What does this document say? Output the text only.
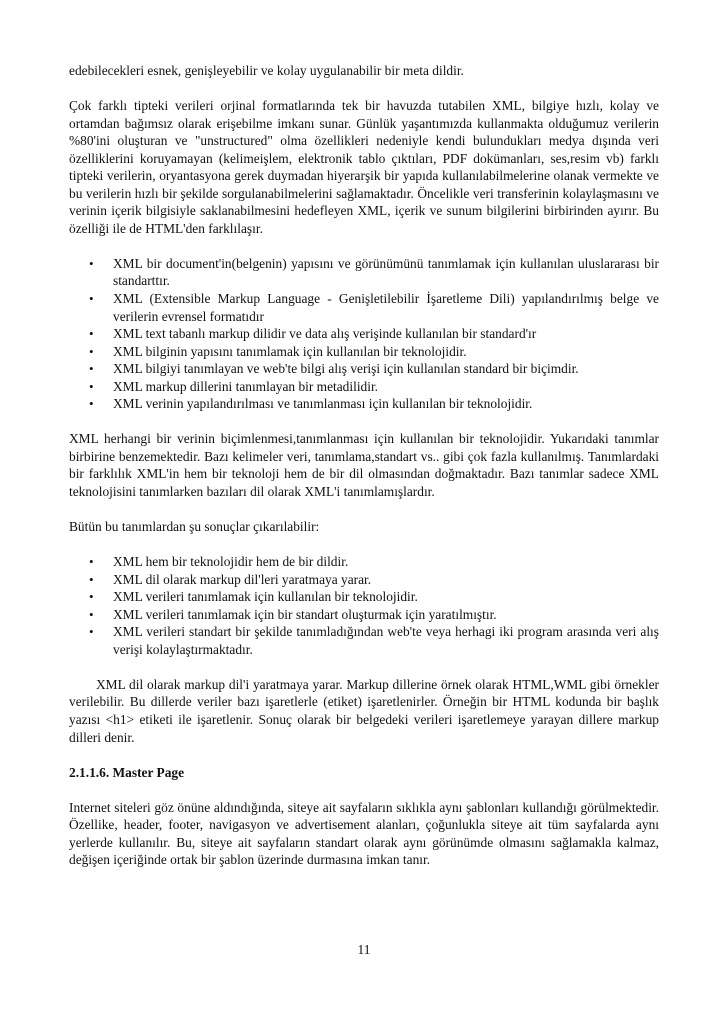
edebilecekleri esnek, genişleyebilir ve kolay uygulanabilir bir meta dildir.

Çok farklı tipteki verileri orjinal formatlarında tek bir havuzda tutabilen XML, bilgiye hızlı, kolay ve ortamdan bağımsız olarak erişebilme imkanı sunar. Günlük yaşantımızda kullanmakta olduğumuz verilerin %80'ini oluşturan ve "unstructured" olma özellikleri nedeniyle kendi bulundukları medya dışında veri özelliklerini koruyamayan (kelimeişlem, elektronik tablo çıktıları, PDF dokümanları, ses,resim vb) farklı tipteki verilerin, oryantasyona gerek duymadan hiyerarşik bir yapıda kullanılabilmelerine olanak vermekte ve bu verilerin hızlı bir şekilde sorgulanabilmelerini sağlamaktadır. Öncelikle veri transferinin kolaylaşmasını ve verinin içerik bilgisiyle saklanabilmesini hedefleyen XML, içerik ve sunum bilgilerini birbirinden ayırır. Bu özelliği ile de HTML'den farklılaşır.

• XML bir document'in(belgenin) yapısını ve görünümünü tanımlamak için kullanılan uluslararası bir standarttır.
• XML (Extensible Markup Language - Genişletilebilir İşaretleme Dili) yapılandırılmış belge ve verilerin evrensel formatıdır
• XML text tabanlı markup dilidir ve data alış verişinde kullanılan bir standard'ır
• XML bilginin yapısını tanımlamak için kullanılan bir teknolojidir.
• XML bilgiyi tanımlayan ve web'te bilgi alış verişi için kullanılan standard bir biçimdir.
• XML markup dillerini tanımlayan bir metadilidir.
• XML verinin yapılandırılması ve tanımlanması için kullanılan bir teknolojidir.

XML herhangi bir verinin biçimlenmesi,tanımlanması için kullanılan bir teknolojidir. Yukarıdaki tanımlar birbirine benzemektedir. Bazı kelimeler veri, tanımlama,standart vs.. gibi çok fazla kullanılmış. Tanımlardaki bir farklılık XML'in hem bir teknoloji hem de bir dil olmasından doğmaktadır. Bazı tanımlar sadece XML teknolojisini tanımlarken bazıları dil olarak XML'i tanımlamışlardır.

Bütün bu tanımlardan şu sonuçlar çıkarılabilir:

• XML hem bir teknolojidir hem de bir dildir.
• XML dil olarak markup dil'leri yaratmaya yarar.
• XML verileri tanımlamak için kullanılan bir teknolojidir.
• XML verileri tanımlamak için bir standart oluşturmak için yaratılmıştır.
• XML verileri standart bir şekilde tanımladığından web'te veya herhagi iki program arasında veri alış verişi kolaylaştırmaktadır.

XML dil olarak markup dil'i yaratmaya yarar. Markup dillerine örnek olarak HTML,WML gibi örnekler verilebilir. Bu dillerde veriler bazı işaretlerle (etiket) işaretlenirler. Örneğin bir HTML kodunda bir başlık yazısı <h1> etiketi ile işaretlenir. Sonuç olarak bir belgedeki verileri işaretlemeye yarayan dillere markup dilleri denir.

2.1.1.6. Master Page

Internet siteleri göz önüne aldındığında, siteye ait sayfaların sıklıkla aynı şablonları kullandığı görülmektedir. Özellike, header, footer, navigasyon ve advertisement alanları, çoğunlukla siteye ait tüm sayfalarda aynı yerlerde kullanılır. Bu, siteye ait sayfaların standart olarak aynı görünümde olmasını sağlamakla kalmaz, değişen içeriğinde ortak bir şablon üzerinde durmasına imkan tanır.

11
